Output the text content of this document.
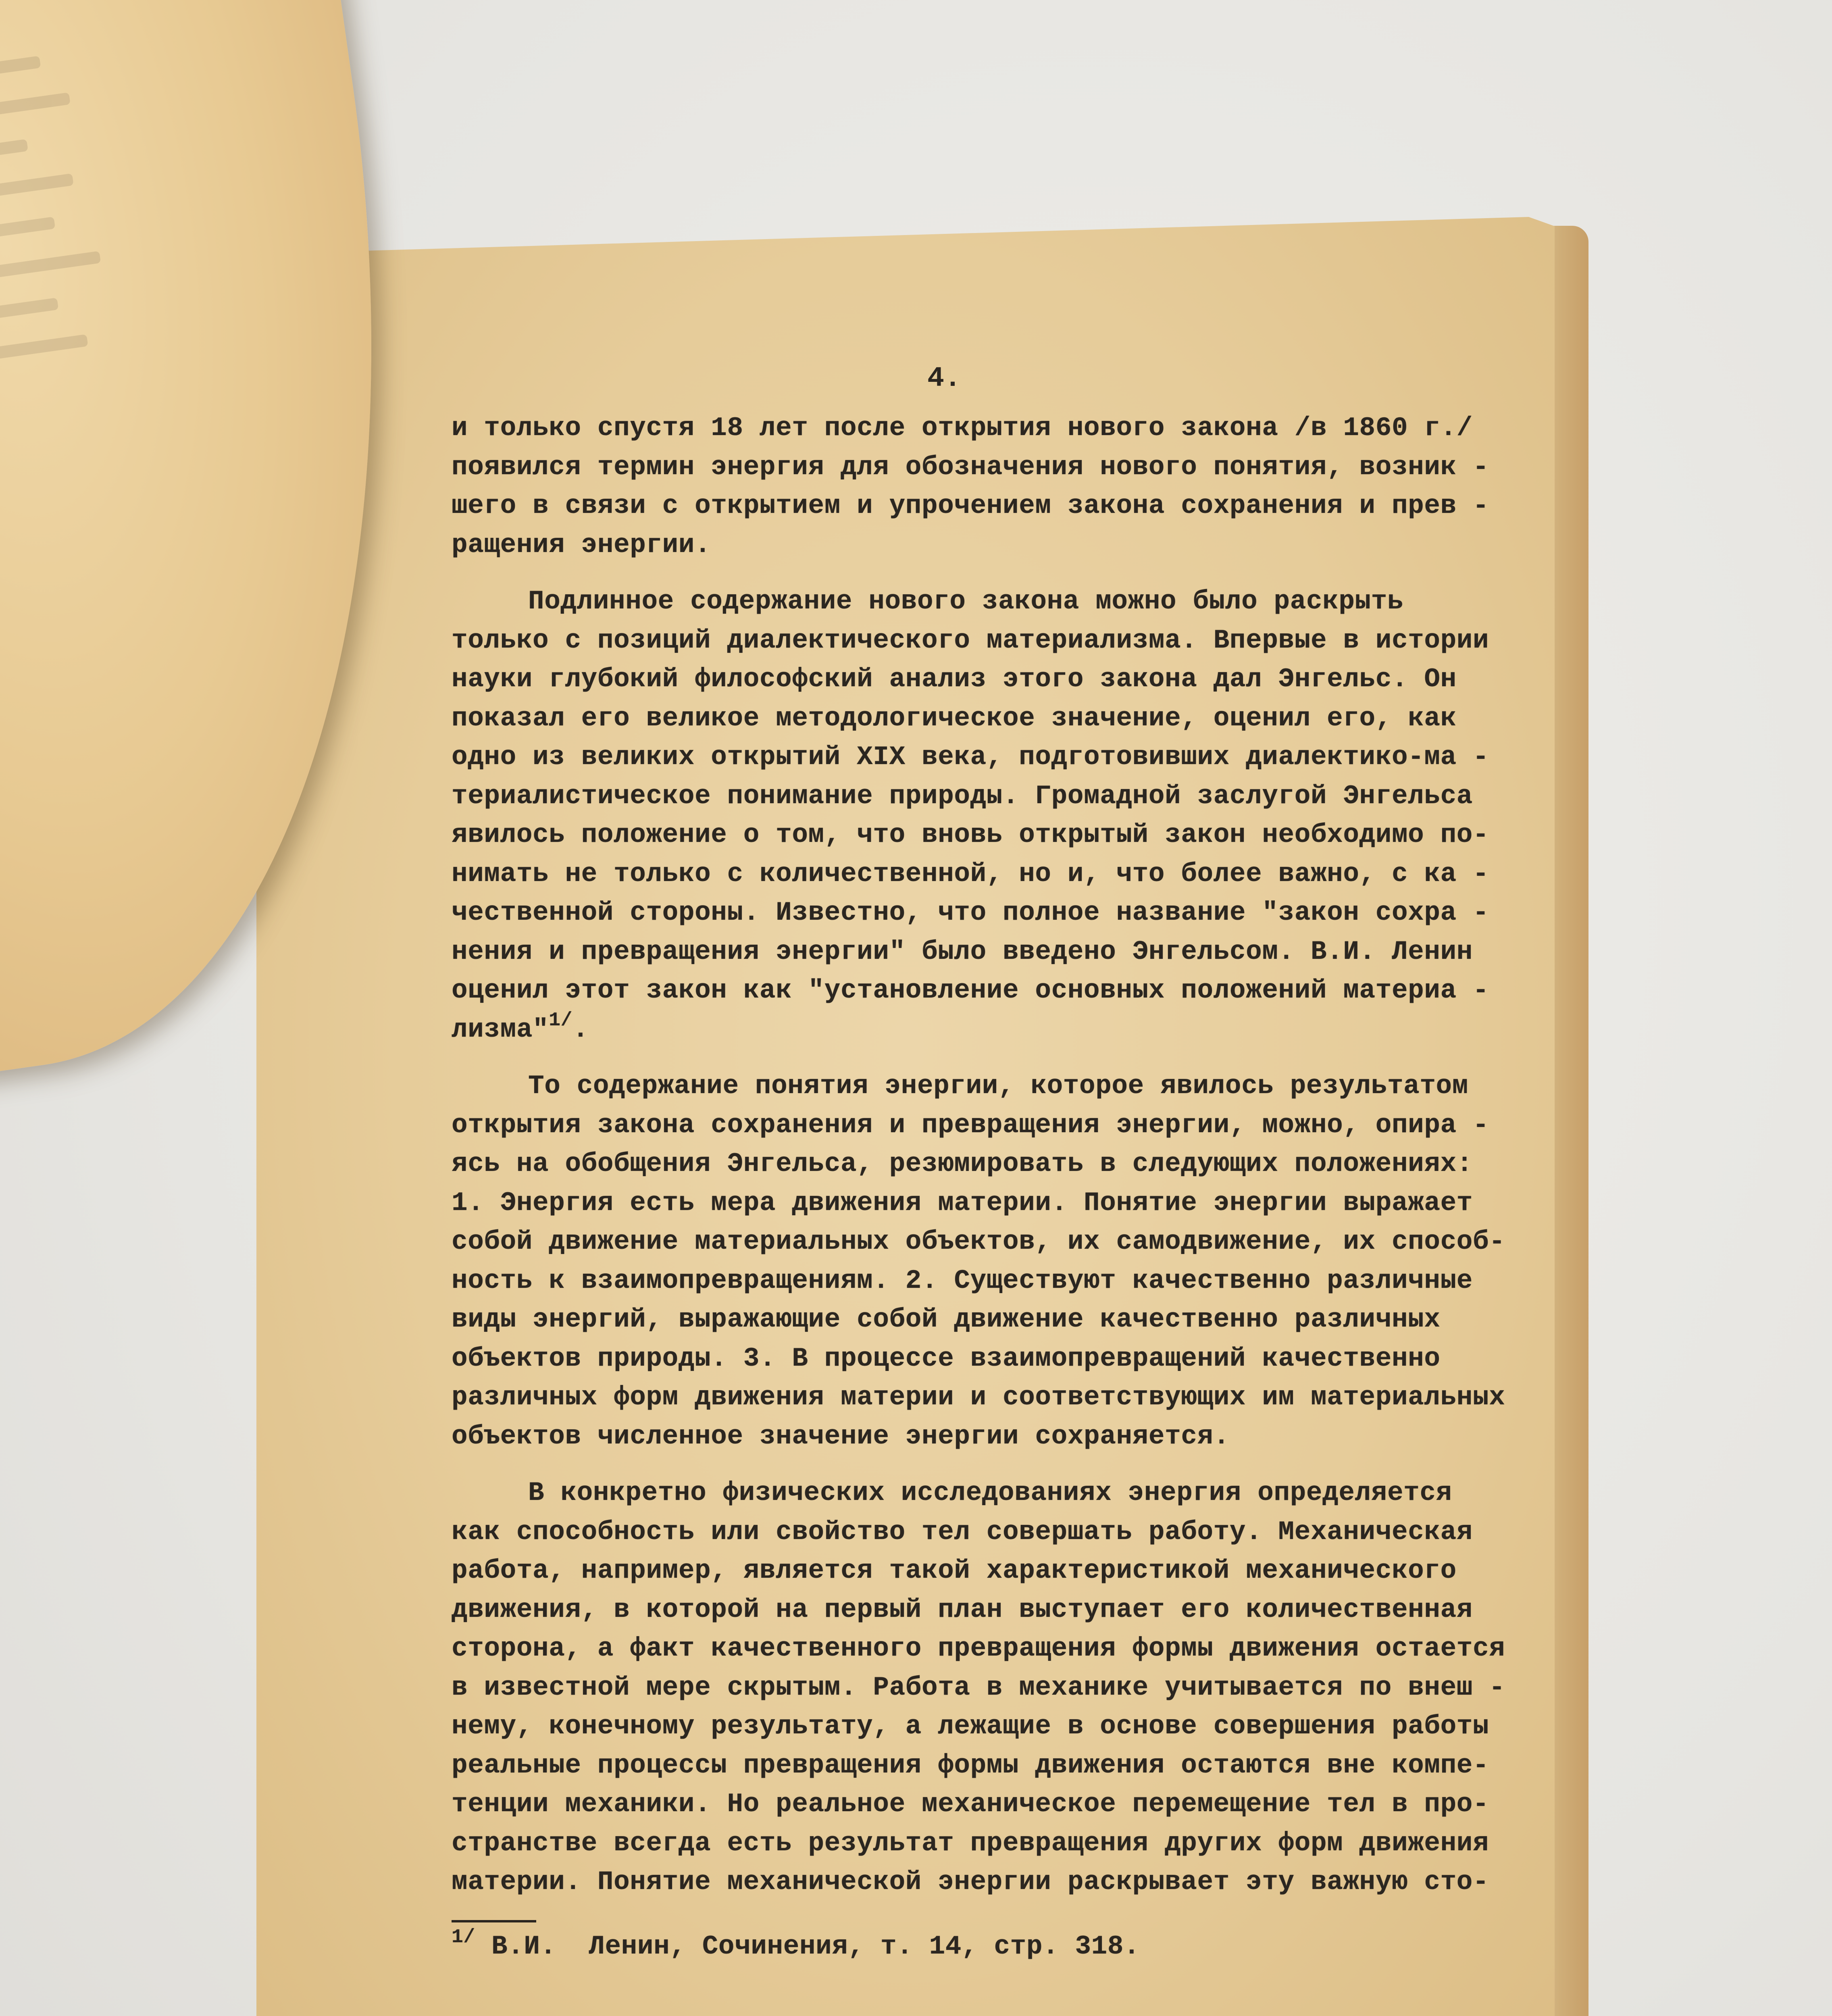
4.
и только спустя 18 лет после открытия нового закона /в 1860 г./
появился термин энергия для обозначения нового понятия, возник -
шего в связи с открытием и упрочением закона сохранения и прев -
ращения энергии.
Подлинное содержание нового закона можно было раскрыть
только с позиций диалектического материализма. Впервые в истории
науки глубокий философский анализ этого закона дал Энгельс. Он
показал его великое методологическое значение, оценил его, как
одно из великих открытий XIX века, подготовивших диалектико-ма -
териалистическое понимание природы. Громадной заслугой Энгельса
явилось положение о том, что вновь открытый закон необходимо по-
нимать не только с количественной, но и, что более важно, с ка -
чественной стороны. Известно, что полное название "закон сохра -
нения и превращения энергии" было введено Энгельсом. В.И. Ленин
оценил этот закон как "установление основных положений материа -
лизма"$^{1/}$.
То содержание понятия энергии, которое явилось результатом
открытия закона сохранения и превращения энергии, можно, опира -
ясь на обобщения Энгельса, резюмировать в следующих положениях:
1. Энергия есть мера движения материи. Понятие энергии выражает
собой движение материальных объектов, их самодвижение, их способ-
ность к взаимопревращениям. 2. Существуют качественно различные
виды энергий, выражающие собой движение качественно различных
объектов природы. 3. В процессе взаимопревращений качественно
различных форм движения материи и соответствующих им материальных
объектов численное значение энергии сохраняется.
В конкретно физических исследованиях энергия определяется
как способность или свойство тел совершать работу. Механическая
работа, например, является такой характеристикой механического
движения, в которой на первый план выступает его количественная
сторона, а факт качественного превращения формы движения остается
в известной мере скрытым. Работа в механике учитывается по внеш -
нему, конечному результату, а лежащие в основе совершения работы
реальные процессы превращения формы движения остаются вне компе-
тенции механики. Но реальное механическое перемещение тел в про-
странстве всегда есть результат превращения других форм движения
материи. Понятие механической энергии раскрывает эту важную сто-
$^{1/}$ В.И.  Ленин, Сочинения, т. 14, стр. 318.
